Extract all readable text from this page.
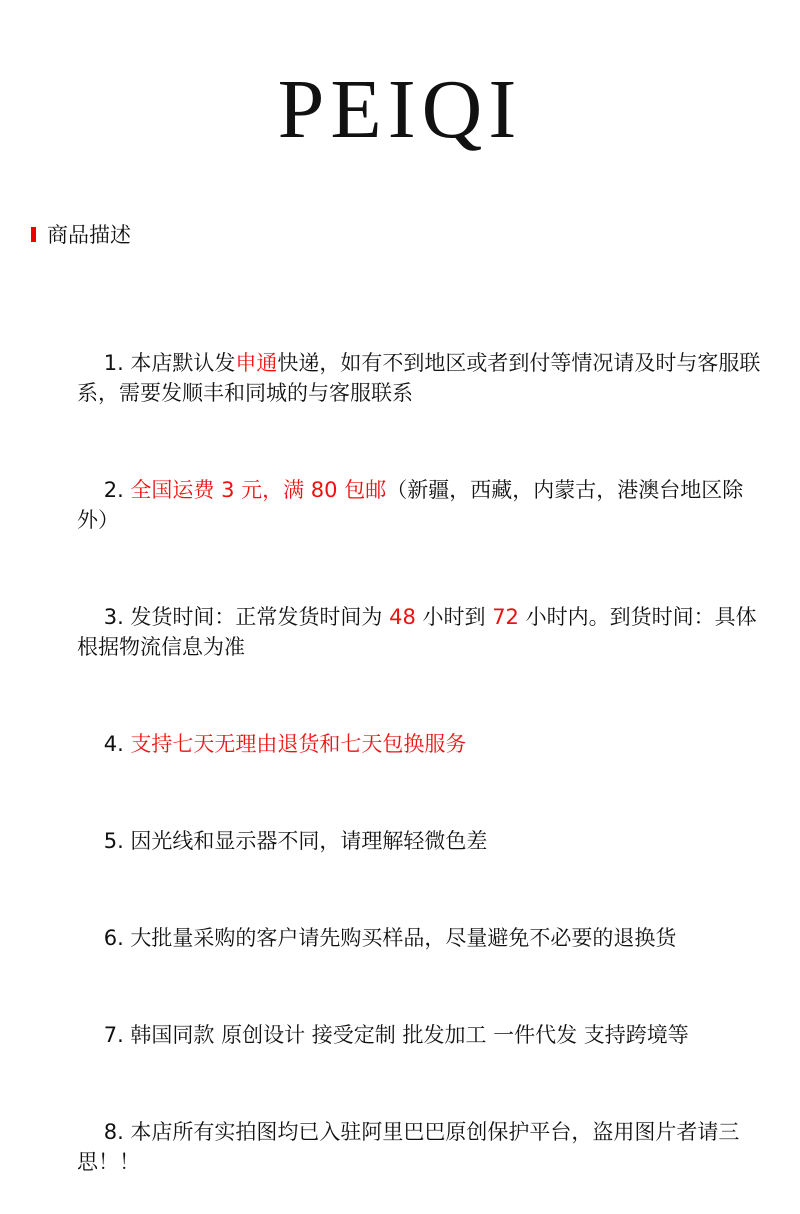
PEIQI
商品描述

1. 本店默认发申通快递，如有不到地区或者到付等情况请及时与客服联系，需要发顺丰和同城的与客服联系

2. 全国运费 3 元，满 80 包邮（新疆，西藏，内蒙古，港澳台地区除外）

3. 发货时间：正常发货时间为 48 小时到 72 小时内。到货时间：具体根据物流信息为准

4. 支持七天无理由退货和七天包换服务

5. 因光线和显示器不同，请理解轻微色差

6. 大批量采购的客户请先购买样品，尽量避免不必要的退换货

7. 韩国同款 原创设计 接受定制 批发加工 一件代发 支持跨境等

8. 本店所有实拍图均已入驻阿里巴巴原创保护平台，盗用图片者请三思！！
